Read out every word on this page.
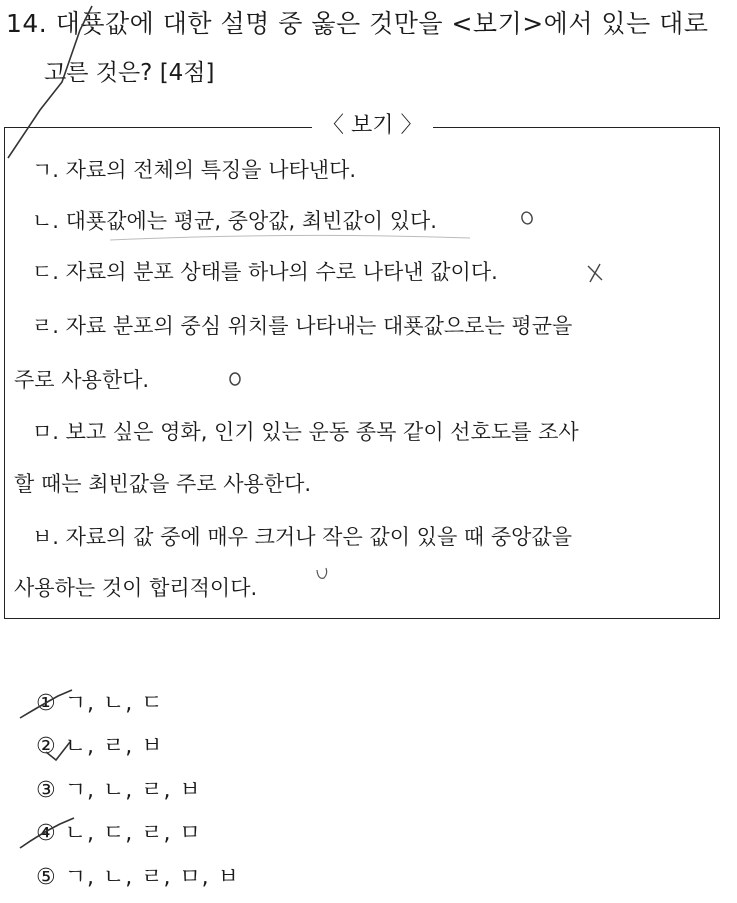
14. 대푯값에 대한 설명 중 옳은 것만을 <보기>에서 있는 대로
고른 것은? [4점]
〈 보기 〉
ㄱ. 자료의 전체의 특징을 나타낸다.
ㄴ. 대푯값에는 평균, 중앙값, 최빈값이 있다.
ㄷ. 자료의 분포 상태를 하나의 수로 나타낸 값이다.
ㄹ. 자료 분포의 중심 위치를 나타내는 대푯값으로는 평균을
주로 사용한다.
ㅁ. 보고 싶은 영화, 인기 있는 운동 종목 같이 선호도를 조사
할 때는 최빈값을 주로 사용한다.
ㅂ. 자료의 값 중에 매우 크거나 작은 값이 있을 때 중앙값을
사용하는 것이 합리적이다.
① ㄱ, ㄴ, ㄷ
② ㄴ, ㄹ, ㅂ
③ ㄱ, ㄴ, ㄹ, ㅂ
④ ㄴ, ㄷ, ㄹ, ㅁ
⑤ ㄱ, ㄴ, ㄹ, ㅁ, ㅂ
